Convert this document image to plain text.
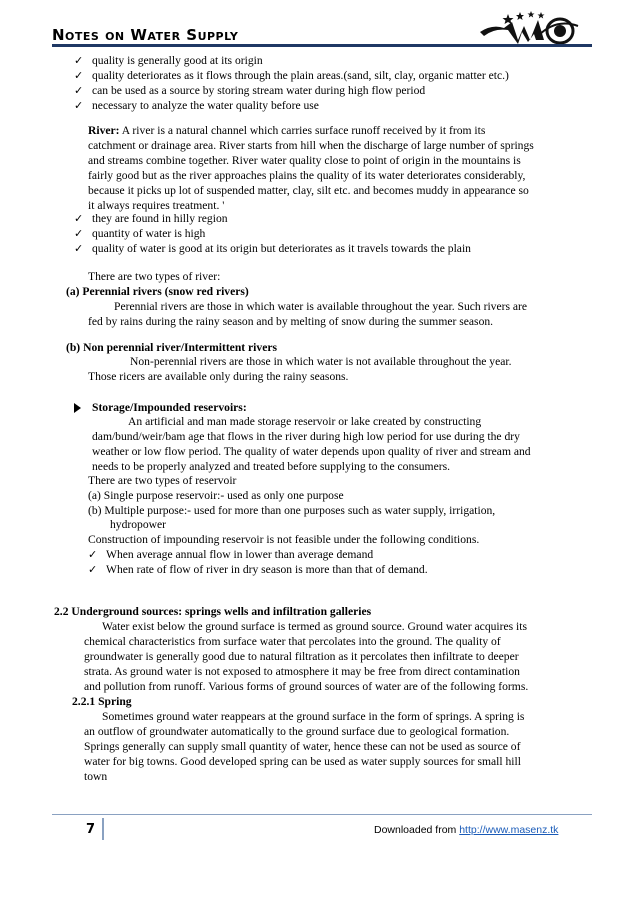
Notes on Water Supply
✓ quality is generally good at its origin
✓ quality deteriorates as it flows through the plain areas.(sand, silt, clay, organic matter etc.)
✓ can be used as a source by storing stream water during high flow period
✓ necessary to analyze the water quality before use
River: A river is a natural channel which carries surface runoff received by it from its
catchment or drainage area. River starts from hill when the discharge of large number of springs
and streams combine together. River water quality close to point of origin in the mountains is
fairly good but as the river approaches plains the quality of its water deteriorates considerably,
because it picks up lot of suspended matter, clay, silt etc. and becomes muddy in appearance so
it always requires treatment. '
✓ they are found in hilly region
✓ quantity of water is high
✓ quality of water is good at its origin but deteriorates as it travels towards the plain
There are two types of river:
(a) Perennial rivers (snow red rivers)
Perennial rivers are those in which water is available throughout the year. Such rivers are
fed by rains during the rainy season and by melting of snow during the summer season.
(b) Non perennial river/Intermittent rivers
Non-perennial rivers are those in which water is not available throughout the year.
Those ricers are available only during the rainy seasons.
Storage/Impounded reservoirs:
An artificial and man made storage reservoir or lake created by constructing
dam/bund/weir/bam age that flows in the river during high low period for use during the dry
weather or low flow period. The quality of water depends upon quality of river and stream and
needs to be properly analyzed and treated before supplying to the consumers.
There are two types of reservoir
(a) Single purpose reservoir:- used as only one purpose
(b) Multiple purpose:- used for more than one purposes such as water supply, irrigation,
hydropower
Construction of impounding reservoir is not feasible under the following conditions.
✓ When average annual flow in lower than average demand
✓ When rate of flow of river in dry season is more than that of demand.
2.2 Underground sources: springs wells and infiltration galleries
Water exist below the ground surface is termed as ground source. Ground water acquires its
chemical characteristics from surface water that percolates into the ground. The quality of
groundwater is generally good due to natural filtration as it percolates then infiltrate to deeper
strata. As ground water is not exposed to atmosphere it may be free from direct contamination
and pollution from runoff. Various forms of ground sources of water are of the following forms.
2.2.1 Spring
Sometimes ground water reappears at the ground surface in the form of springs. A spring is
an outflow of groundwater automatically to the ground surface due to geological formation.
Springs generally can supply small quantity of water, hence these can not be used as source of
water for big towns. Good developed spring can be used as water supply sources for small hill
town
7	Downloaded from http://www.masenz.tk
